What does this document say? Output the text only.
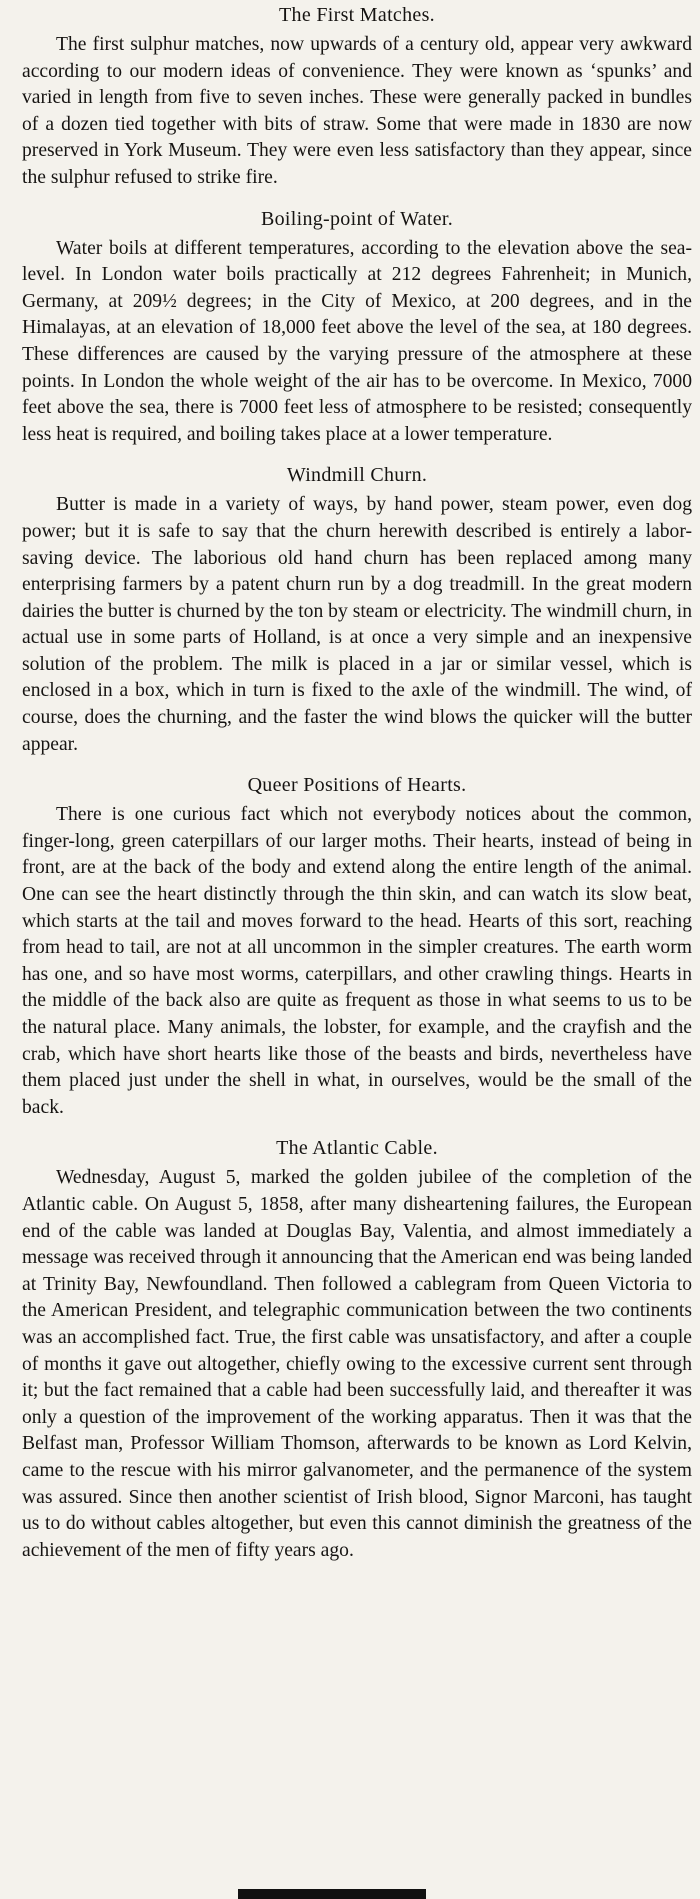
The First Matches.

The first sulphur matches, now upwards of a century old, appear very awkward according to our modern ideas of convenience. They were known as ‘spunks’ and varied in length from five to seven inches. These were generally packed in bundles of a dozen tied together with bits of straw. Some that were made in 1830 are now preserved in York Museum. They were even less satisfactory than they appear, since the sulphur refused to strike fire.

Boiling-point of Water.

Water boils at different temperatures, according to the elevation above the sea-level. In London water boils practically at 212 degrees Fahrenheit; in Munich, Germany, at 209½ degrees; in the City of Mexico, at 200 degrees, and in the Himalayas, at an elevation of 18,000 feet above the level of the sea, at 180 degrees. These differences are caused by the varying pressure of the atmosphere at these points. In London the whole weight of the air has to be overcome. In Mexico, 7000 feet above the sea, there is 7000 feet less of atmosphere to be resisted; consequently less heat is required, and boiling takes place at a lower temperature.

Windmill Churn.

Butter is made in a variety of ways, by hand power, steam power, even dog power; but it is safe to say that the churn herewith described is entirely a labor-saving device. The laborious old hand churn has been replaced among many enterprising farmers by a patent churn run by a dog treadmill. In the great modern dairies the butter is churned by the ton by steam or electricity. The windmill churn, in actual use in some parts of Holland, is at once a very simple and an inexpensive solution of the problem. The milk is placed in a jar or similar vessel, which is enclosed in a box, which in turn is fixed to the axle of the windmill. The wind, of course, does the churning, and the faster the wind blows the quicker will the butter appear.

Queer Positions of Hearts.

There is one curious fact which not everybody notices about the common, finger-long, green caterpillars of our larger moths. Their hearts, instead of being in front, are at the back of the body and extend along the entire length of the animal. One can see the heart distinctly through the thin skin, and can watch its slow beat, which starts at the tail and moves forward to the head. Hearts of this sort, reaching from head to tail, are not at all uncommon in the simpler creatures. The earth worm has one, and so have most worms, caterpillars, and other crawling things. Hearts in the middle of the back also are quite as frequent as those in what seems to us to be the natural place. Many animals, the lobster, for example, and the crayfish and the crab, which have short hearts like those of the beasts and birds, nevertheless have them placed just under the shell in what, in ourselves, would be the small of the back.

The Atlantic Cable.

Wednesday, August 5, marked the golden jubilee of the completion of the Atlantic cable. On August 5, 1858, after many disheartening failures, the European end of the cable was landed at Douglas Bay, Valentia, and almost immediately a message was received through it announcing that the American end was being landed at Trinity Bay, Newfoundland. Then followed a cablegram from Queen Victoria to the American President, and telegraphic communication between the two continents was an accomplished fact. True, the first cable was unsatisfactory, and after a couple of months it gave out altogether, chiefly owing to the excessive current sent through it; but the fact remained that a cable had been successfully laid, and thereafter it was only a question of the improvement of the working apparatus. Then it was that the Belfast man, Professor William Thomson, afterwards to be known as Lord Kelvin, came to the rescue with his mirror galvanometer, and the permanence of the system was assured. Since then another scientist of Irish blood, Signor Marconi, has taught us to do without cables altogether, but even this cannot diminish the greatness of the achievement of the men of fifty years ago.
